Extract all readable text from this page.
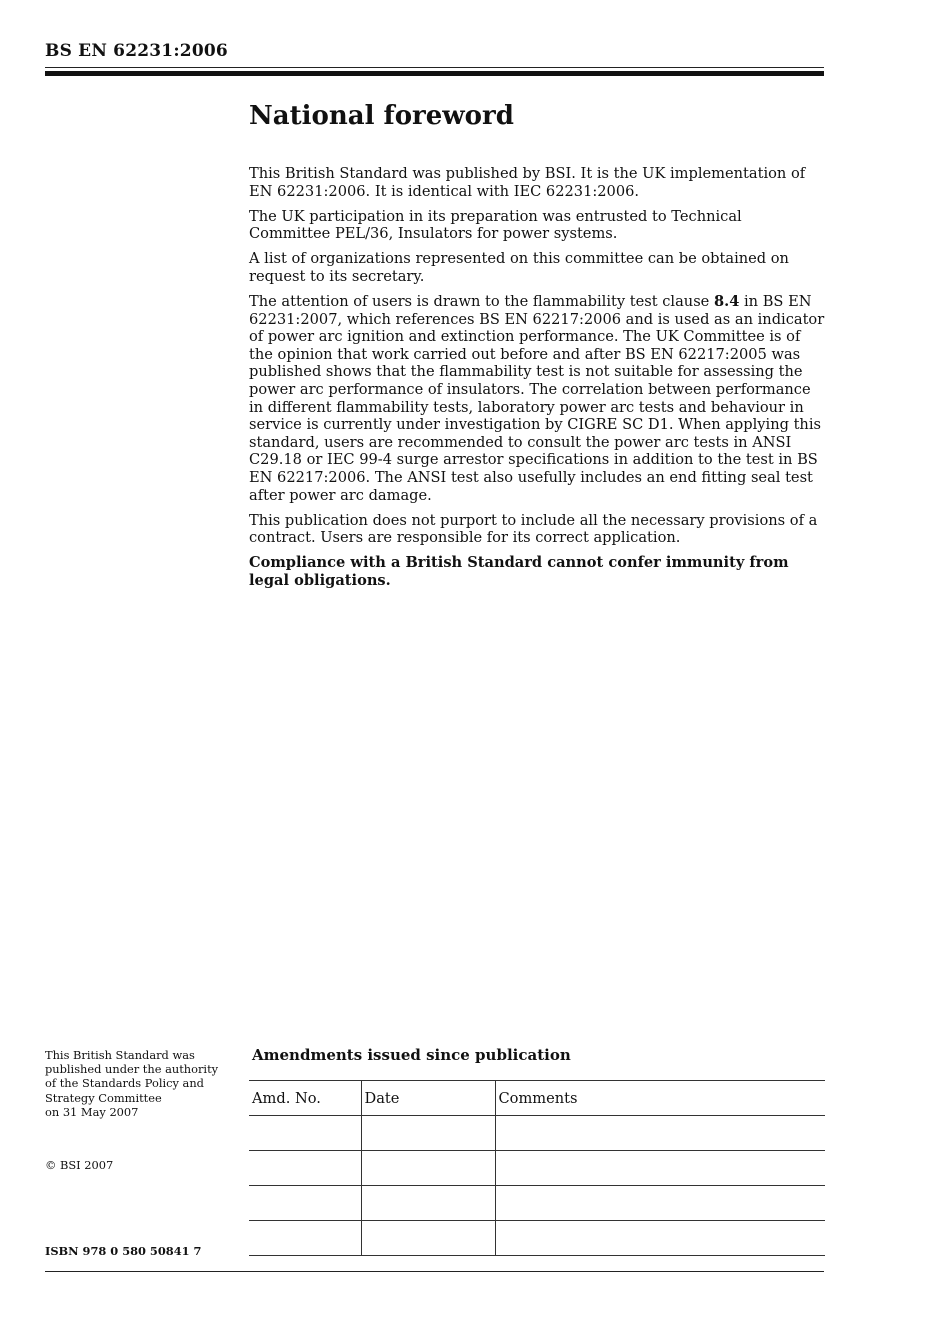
BS EN 62231:2006
National foreword

This British Standard was published by BSI. It is the UK implementation of EN 62231:2006. It is identical with IEC 62231:2006.

The UK participation in its preparation was entrusted to Technical Committee PEL/36, Insulators for power systems.

A list of organizations represented on this committee can be obtained on request to its secretary.

The attention of users is drawn to the flammability test clause 8.4 in BS EN 62231:2007, which references BS EN 62217:2006 and is used as an indicator of power arc ignition and extinction performance. The UK Committee is of the opinion that work carried out before and after BS EN 62217:2005 was published shows that the flammability test is not suitable for assessing the power arc performance of insulators. The correlation between performance in different flammability tests, laboratory power arc tests and behaviour in service is currently under investigation by CIGRE SC D1. When applying this standard, users are recommended to consult the power arc tests in ANSI C29.18 or IEC 99-4 surge arrestor specifications in addition to the test in BS EN 62217:2006. The ANSI test also usefully includes an end fitting seal test after power arc damage.

This publication does not purport to include all the necessary provisions of a contract. Users are responsible for its correct application.

Compliance with a British Standard cannot confer immunity from legal obligations.

This British Standard was
published under the authority
of the Standards Policy and
Strategy Committee
on 31 May 2007
© BSI 2007
ISBN 978 0 580 50841 7
Amendments issued since publication
Amd. No.	Date	Comments
